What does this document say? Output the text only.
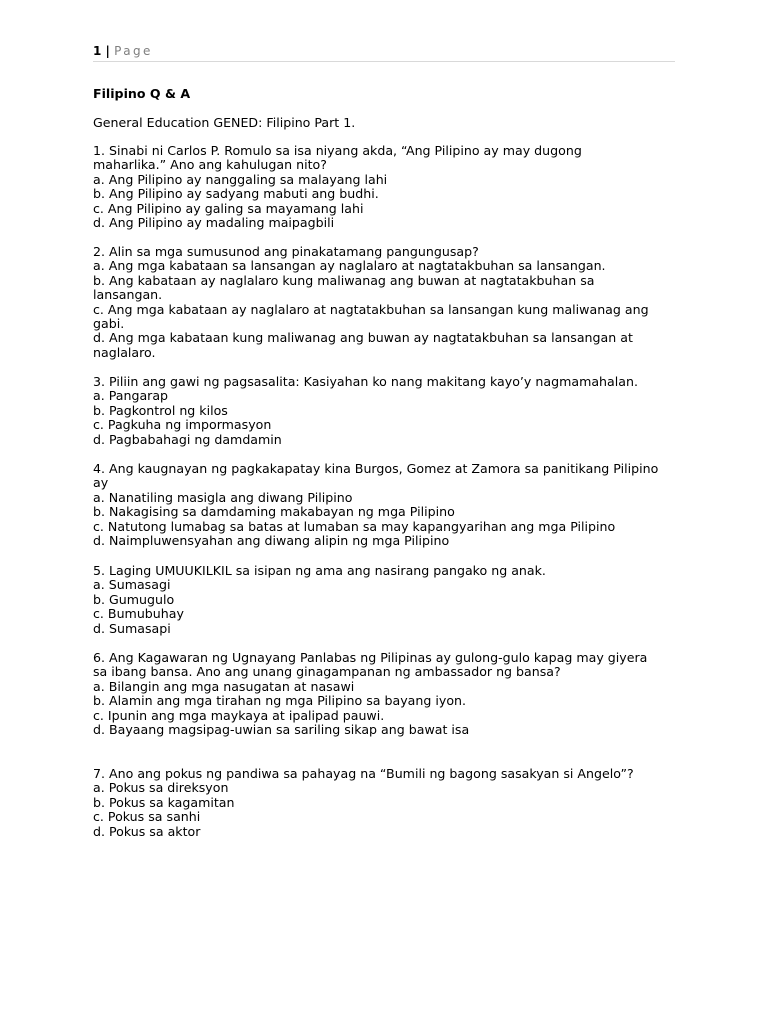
1 | Page
Filipino Q & A
General Education GENED: Filipino Part 1.
1. Sinabi ni Carlos P. Romulo sa isa niyang akda, “Ang Pilipino ay may dugong
maharlika.” Ano ang kahulugan nito?
a. Ang Pilipino ay nanggaling sa malayang lahi
b. Ang Pilipino ay sadyang mabuti ang budhi.
c. Ang Pilipino ay galing sa mayamang lahi
d. Ang Pilipino ay madaling maipagbili
2. Alin sa mga sumusunod ang pinakatamang pangungusap?
a. Ang mga kabataan sa lansangan ay naglalaro at nagtatakbuhan sa lansangan.
b. Ang kabataan ay naglalaro kung maliwanag ang buwan at nagtatakbuhan sa
lansangan.
c. Ang mga kabataan ay naglalaro at nagtatakbuhan sa lansangan kung maliwanag ang
gabi.
d. Ang mga kabataan kung maliwanag ang buwan ay nagtatakbuhan sa lansangan at
naglalaro.
3. Piliin ang gawi ng pagsasalita: Kasiyahan ko nang makitang kayo’y nagmamahalan.
a. Pangarap
b. Pagkontrol ng kilos
c. Pagkuha ng impormasyon
d. Pagbabahagi ng damdamin
4. Ang kaugnayan ng pagkakapatay kina Burgos, Gomez at Zamora sa panitikang Pilipino
ay
a. Nanatiling masigla ang diwang Pilipino
b. Nakagising sa damdaming makabayan ng mga Pilipino
c. Natutong lumabag sa batas at lumaban sa may kapangyarihan ang mga Pilipino
d. Naimpluwensyahan ang diwang alipin ng mga Pilipino
5. Laging UMUUKILKIL sa isipan ng ama ang nasirang pangako ng anak.
a. Sumasagi
b. Gumugulo
c. Bumubuhay
d. Sumasapi
6. Ang Kagawaran ng Ugnayang Panlabas ng Pilipinas ay gulong-gulo kapag may giyera
sa ibang bansa. Ano ang unang ginagampanan ng ambassador ng bansa?
a. Bilangin ang mga nasugatan at nasawi
b. Alamin ang mga tirahan ng mga Pilipino sa bayang iyon.
c. Ipunin ang mga maykaya at ipalipad pauwi.
d. Bayaang magsipag-uwian sa sariling sikap ang bawat isa
7. Ano ang pokus ng pandiwa sa pahayag na “Bumili ng bagong sasakyan si Angelo”?
a. Pokus sa direksyon
b. Pokus sa kagamitan
c. Pokus sa sanhi
d. Pokus sa aktor
